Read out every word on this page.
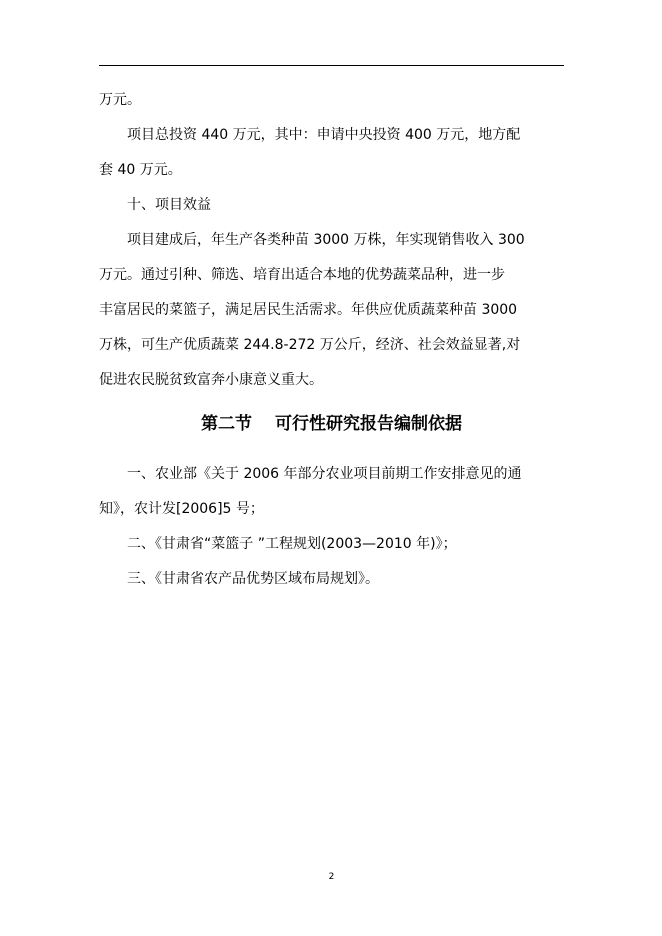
万元。

　　项目总投资 440 万元，其中：申请中央投资 400 万元，地方配

套 40 万元。

　　十、项目效益

　　项目建成后，年生产各类种苗 3000 万株，年实现销售收入 300

万元。通过引种、筛选、培育出适合本地的优势蔬菜品种，进一步

丰富居民的菜篮子，满足居民生活需求。年供应优质蔬菜种苗 3000

万株，可生产优质蔬菜 244.8-272 万公斤，经济、社会效益显著,对

促进农民脱贫致富奔小康意义重大。

第二节　 可行性研究报告编制依据

　　一、农业部《关于 2006 年部分农业项目前期工作安排意见的通

知》，农计发[2006]5 号；

　　二、《甘肃省“菜篮子 ”工程规划(2003—2010 年)》；

　　三、《甘肃省农产品优势区域布局规划》。

2
